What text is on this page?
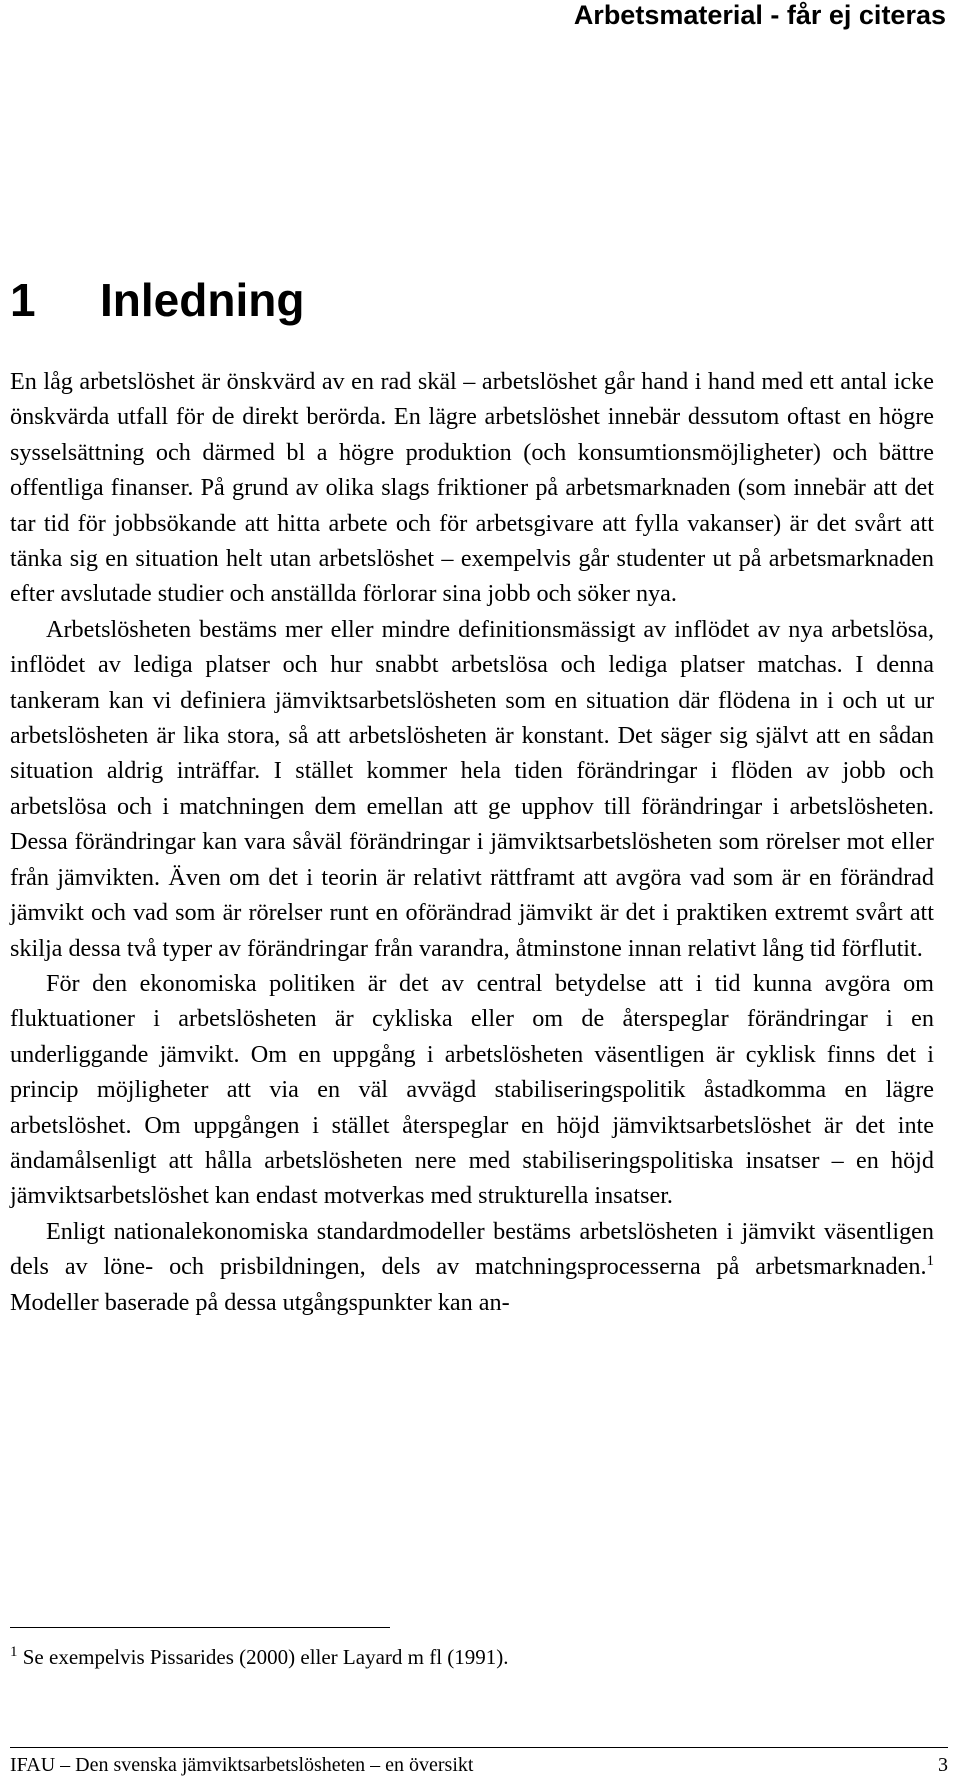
Arbetsmaterial - får ej citeras
1 Inledning

En låg arbetslöshet är önskvärd av en rad skäl – arbetslöshet går hand i hand med ett antal icke önskvärda utfall för de direkt berörda. En lägre arbetslöshet innebär dessutom oftast en högre sysselsättning och därmed bl a högre produktion (och konsumtionsmöjligheter) och bättre offentliga finanser. På grund av olika slags friktioner på arbetsmarknaden (som innebär att det tar tid för jobbsökande att hitta arbete och för arbetsgivare att fylla vakanser) är det svårt att tänka sig en situation helt utan arbetslöshet – exempelvis går studenter ut på arbetsmarknaden efter avslutade studier och anställda förlorar sina jobb och söker nya.

Arbetslösheten bestäms mer eller mindre definitionsmässigt av inflödet av nya arbetslösa, inflödet av lediga platser och hur snabbt arbetslösa och lediga platser matchas. I denna tankeram kan vi definiera jämviktsarbetslösheten som en situation där flödena in i och ut ur arbetslösheten är lika stora, så att arbetslösheten är konstant. Det säger sig självt att en sådan situation aldrig inträffar. I stället kommer hela tiden förändringar i flöden av jobb och arbetslösa och i matchningen dem emellan att ge upphov till förändringar i arbetslösheten. Dessa förändringar kan vara såväl förändringar i jämviktsarbetslösheten som rörelser mot eller från jämvikten. Även om det i teorin är relativt rättframt att avgöra vad som är en förändrad jämvikt och vad som är rörelser runt en oförändrad jämvikt är det i praktiken extremt svårt att skilja dessa två typer av förändringar från varandra, åtminstone innan relativt lång tid förflutit.

För den ekonomiska politiken är det av central betydelse att i tid kunna avgöra om fluktuationer i arbetslösheten är cykliska eller om de återspeglar förändringar i en underliggande jämvikt. Om en uppgång i arbetslösheten väsentligen är cyklisk finns det i princip möjligheter att via en väl avvägd stabiliseringspolitik åstadkomma en lägre arbetslöshet. Om uppgången i stället återspeglar en höjd jämviktsarbetslöshet är det inte ändamålsenligt att hålla arbetslösheten nere med stabiliseringspolitiska insatser – en höjd jämviktsarbetslöshet kan endast motverkas med strukturella insatser.

Enligt nationalekonomiska standardmodeller bestäms arbetslösheten i jämvikt väsentligen dels av löne- och prisbildningen, dels av matchningsprocesserna på arbetsmarknaden.$^1$ Modeller baserade på dessa utgångspunkter kan an-

$^1$ Se exempelvis Pissarides (2000) eller Layard m fl (1991).
IFAU – Den svenska jämviktsarbetslösheten – en översikt	3
